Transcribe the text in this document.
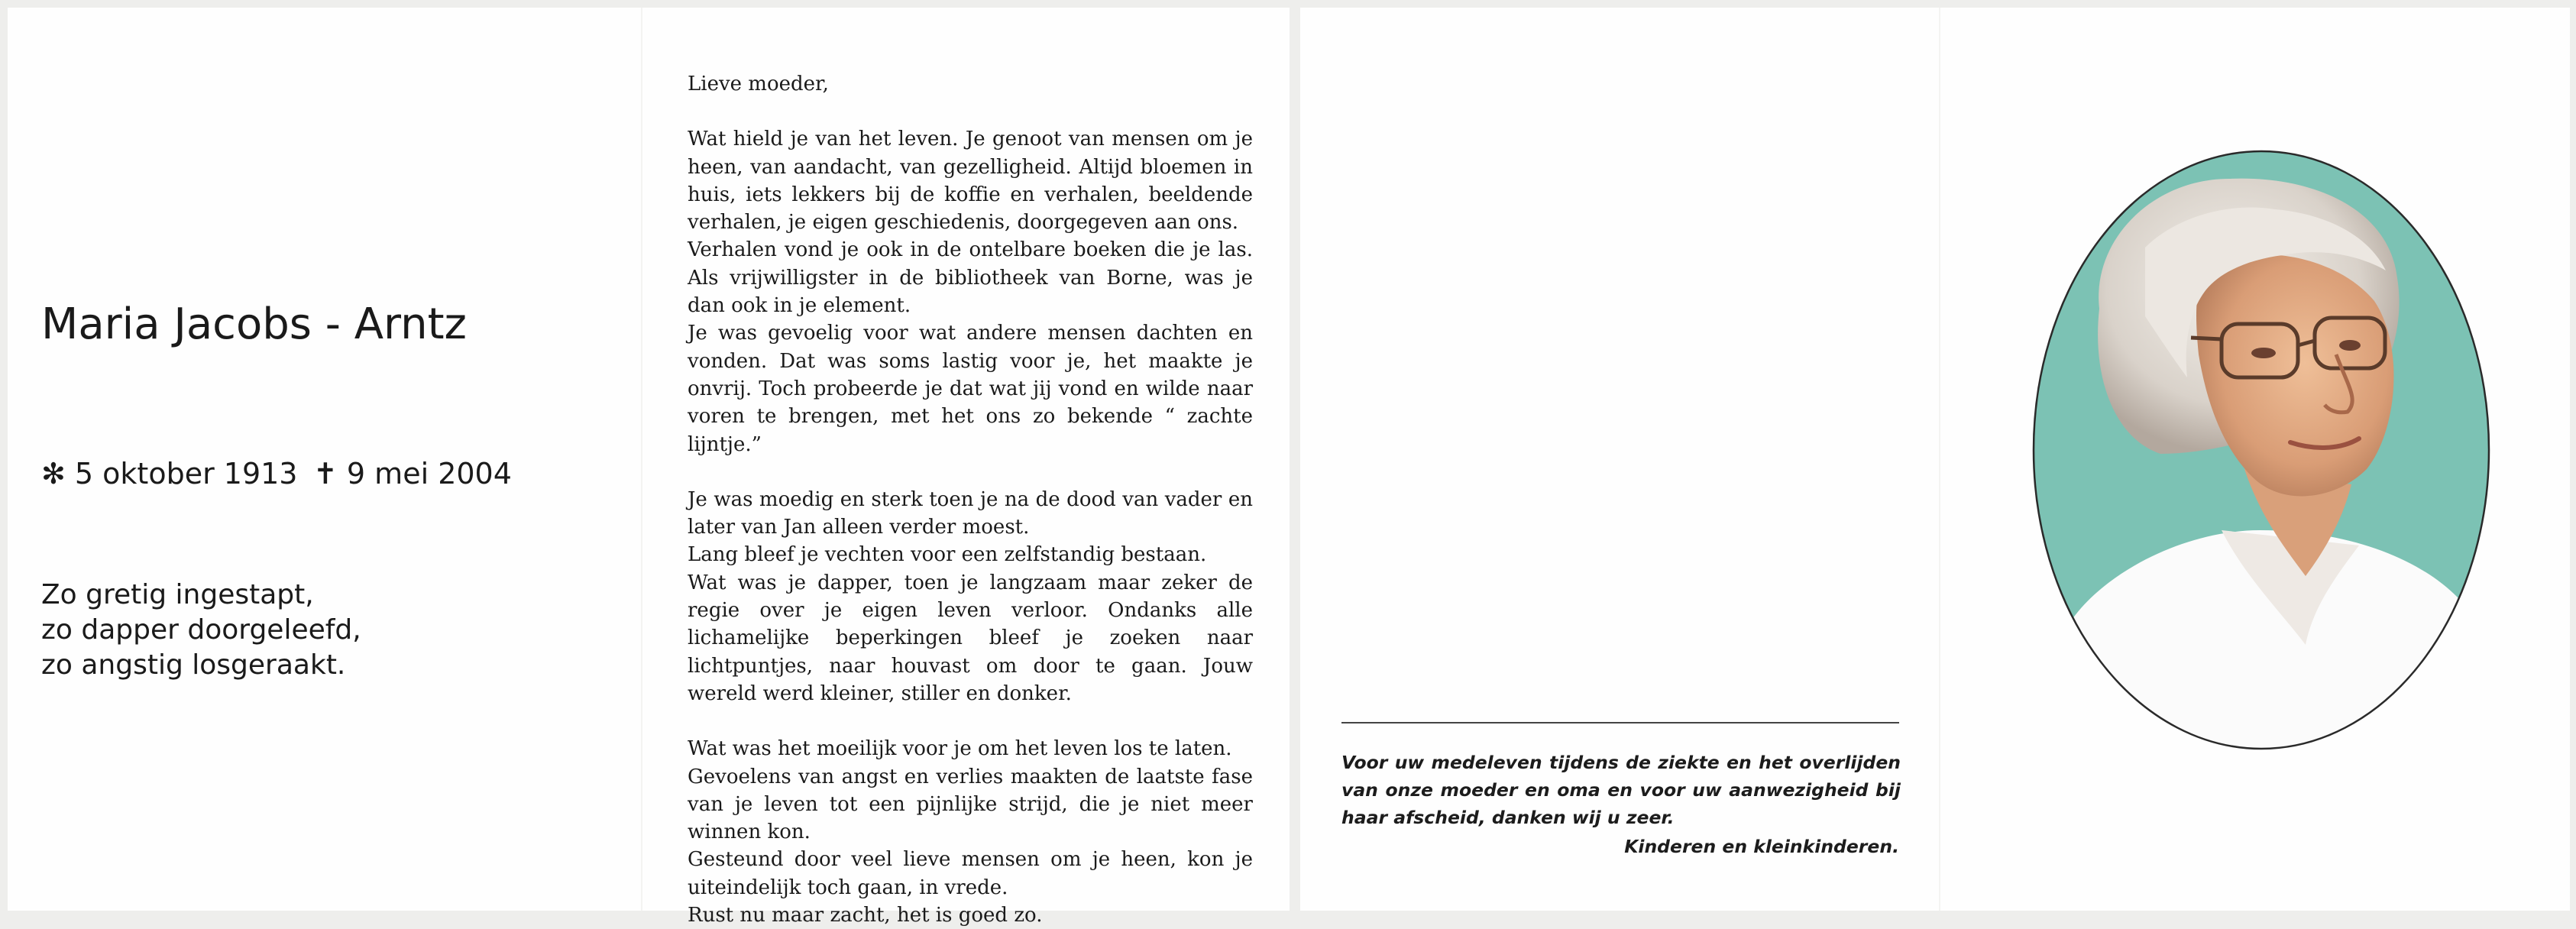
Maria Jacobs - Arntz
✻ 5 oktober 1913 ✝ 9 mei 2004
Zo gretig ingestapt,
zo dapper doorgeleefd,
zo angstig losgeraakt.

Lieve moeder,

Wat hield je van het leven. Je genoot van mensen om je heen, van aandacht, van gezelligheid. Altijd bloemen in huis, iets lekkers bij de koffie en verhalen, beeldende verhalen, je eigen geschiedenis, doorgegeven aan ons.

Verhalen vond je ook in de ontelbare boeken die je las. Als vrijwilligster in de bibliotheek van Borne, was je dan ook in je element.

Je was gevoelig voor wat andere mensen dachten en vonden. Dat was soms lastig voor je, het maakte je onvrij. Toch probeerde je dat wat jij vond en wilde naar voren te brengen, met het ons zo bekende “ zachte lijntje.”

Je was moedig en sterk toen je na de dood van vader en later van Jan alleen verder moest.

Lang bleef je vechten voor een zelfstandig bestaan.

Wat was je dapper, toen je langzaam maar zeker de regie over je eigen leven verloor. Ondanks alle lichamelijke beperkingen bleef je zoeken naar lichtpuntjes, naar houvast om door te gaan. Jouw wereld werd kleiner, stiller en donker.

Wat was het moeilijk voor je om het leven los te laten.

Gevoelens van angst en verlies maakten de laatste fase van je leven tot een pijnlijke strijd, die je niet meer winnen kon.

Gesteund door veel lieve mensen om je heen, kon je uiteindelijk toch gaan, in vrede.

Rust nu maar zacht, het is goed zo.

Voor uw medeleven tijdens de ziekte en het overlijden van onze moeder en oma en voor uw aanwezigheid bij haar afscheid, danken wij u zeer.
Kinderen en kleinkinderen.
